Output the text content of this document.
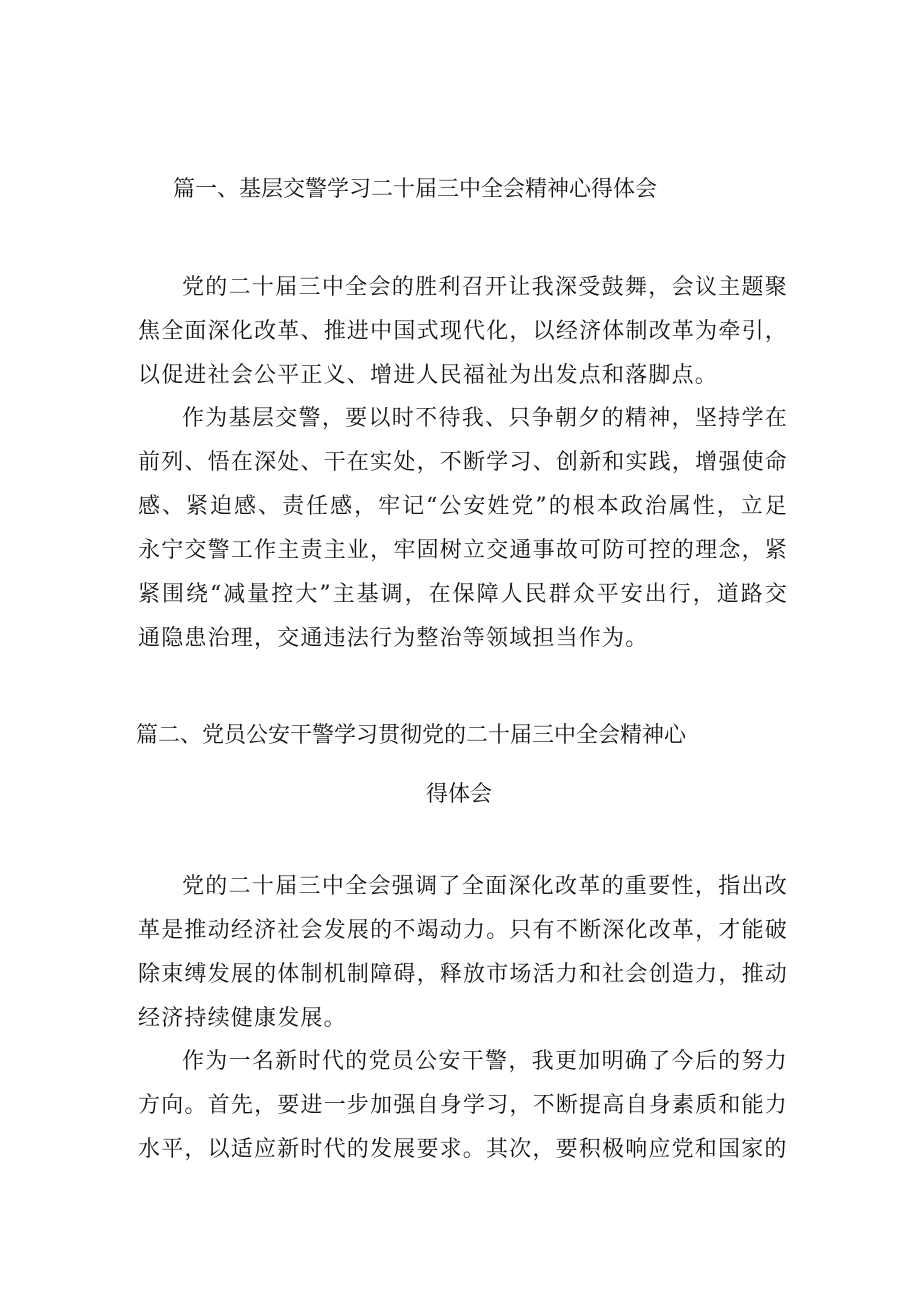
篇一、基层交警学习二十届三中全会精神心得体会

党的二十届三中全会的胜利召开让我深受鼓舞，会议主题聚焦全面深化改革、推进中国式现代化，以经济体制改革为牵引，以促进社会公平正义、增进人民福祉为出发点和落脚点。

作为基层交警，要以时不待我、只争朝夕的精神，坚持学在前列、悟在深处、干在实处，不断学习、创新和实践，增强使命感、紧迫感、责任感，牢记“公安姓党”的根本政治属性，立足永宁交警工作主责主业，牢固树立交通事故可防可控的理念，紧紧围绕“减量控大”主基调，在保障人民群众平安出行，道路交通隐患治理，交通违法行为整治等领域担当作为。

篇二、党员公安干警学习贯彻党的二十届三中全会精神心
得体会

党的二十届三中全会强调了全面深化改革的重要性，指出改革是推动经济社会发展的不竭动力。只有不断深化改革，才能破除束缚发展的体制机制障碍，释放市场活力和社会创造力，推动经济持续健康发展。

作为一名新时代的党员公安干警，我更加明确了今后的努力方向。首先，要进一步加强自身学习，不断提高自身素质和能力水平，以适应新时代的发展要求。其次，要积极响应党和国家的
